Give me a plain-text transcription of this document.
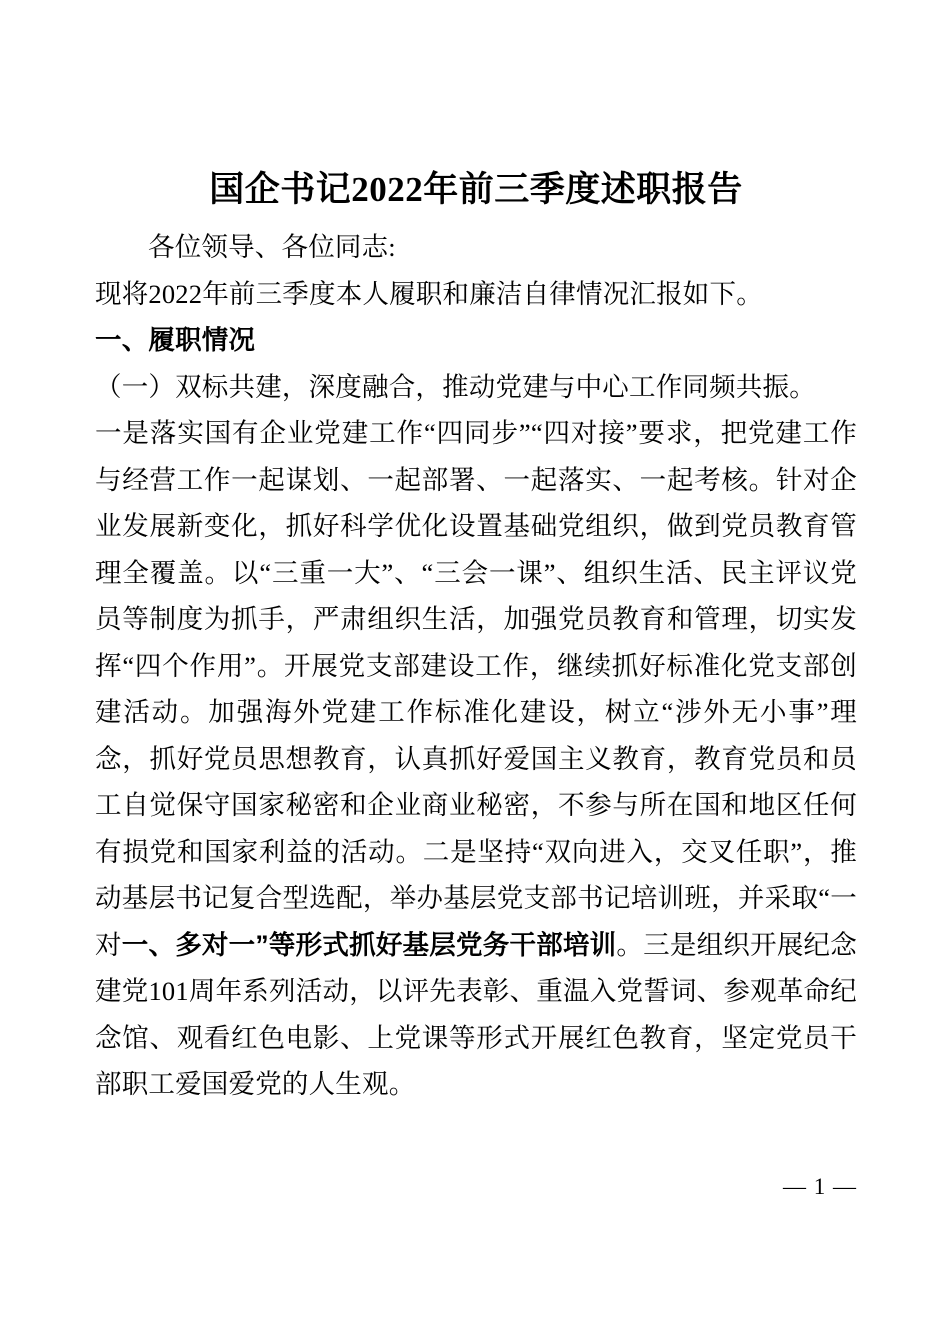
国企书记2022年前三季度述职报告

各位领导、各位同志:

现将2022年前三季度本人履职和廉洁自律情况汇报如下。

一、履职情况

（一）双标共建，深度融合，推动党建与中心工作同频共振。

一是落实国有企业党建工作“四同步”“四对接”要求，把党建工作与经营工作一起谋划、一起部署、一起落实、一起考核。针对企业发展新变化，抓好科学优化设置基础党组织，做到党员教育管理全覆盖。以“三重一大”、“三会一课”、组织生活、民主评议党员等制度为抓手，严肃组织生活，加强党员教育和管理，切实发挥“四个作用”。开展党支部建设工作，继续抓好标准化党支部创建活动。加强海外党建工作标准化建设，树立“涉外无小事”理念，抓好党员思想教育，认真抓好爱国主义教育，教育党员和员工自觉保守国家秘密和企业商业秘密，不参与所在国和地区任何有损党和国家利益的活动。二是坚持“双向进入，交叉任职”，推动基层书记复合型选配，举办基层党支部书记培训班，并采取“一对一、多对一”等形式抓好基层党务干部培训。三是组织开展纪念建党101周年系列活动，以评先表彰、重温入党誓词、参观革命纪念馆、观看红色电影、上党课等形式开展红色教育，坚定党员干部职工爱国爱党的人生观。

— 1 —
